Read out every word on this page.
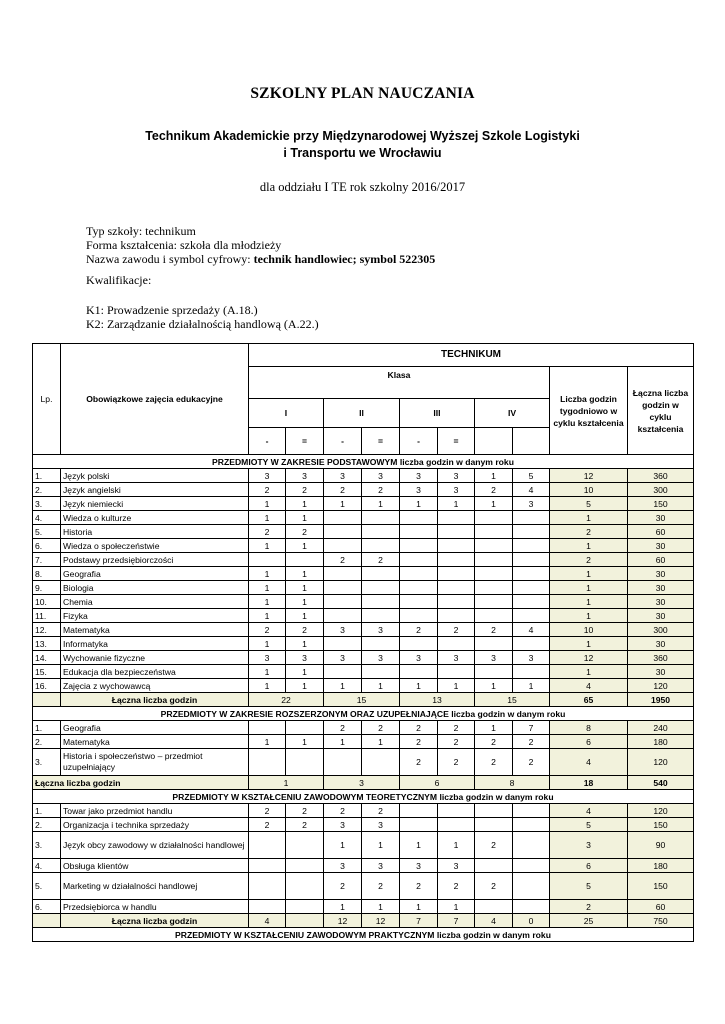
SZKOLNY PLAN NAUCZANIA
Technikum Akademickie przy Międzynarodowej Wyższej Szkole Logistyki
i Transportu we Wrocławiu
dla oddziału I TE rok szkolny 2016/2017
Typ szkoły: technikum
Forma kształcenia: szkoła dla młodzieży
Nazwa zawodu i symbol cyfrowy: technik handlowiec; symbol 522305
Kwalifikacje:
K1: Prowadzenie sprzedaży (A.18.)
K2: Zarządzanie działalnością handlową (A.22.)
Lp.	Obowiązkowe zajęcia edukacyjne	TECHNIKUM									
		Klasa								Liczba godzin tygodniowo w cyklu kształcenia	Łączna liczba godzin w cyklu kształcenia
		I		II		III		IV			
		-	=	-	=	-	=				
PRZEDMIOTY W ZAKRESIE PODSTAWOWYM liczba godzin w danym roku											
1.	Język polski	3	3	3	3	3	3	1	5	12	360
2.	Język angielski	2	2	2	2	3	3	2	4	10	300
3.	Język niemiecki	1	1	1	1	1	1	1	3	5	150
4.	Wiedza o kulturze	1	1							1	30
5.	Historia	2	2							2	60
6.	Wiedza o społeczeństwie	1	1							1	30
7.	Podstawy przedsiębiorczości			2	2					2	60
8.	Geografia	1	1							1	30
9.	Biologia	1	1							1	30
10.	Chemia	1	1							1	30
11.	Fizyka	1	1							1	30
12.	Matematyka	2	2	3	3	2	2	2	4	10	300
13.	Informatyka	1	1							1	30
14.	Wychowanie fizyczne	3	3	3	3	3	3	3	3	12	360
15.	Edukacja dla bezpieczeństwa	1	1							1	30
16.	Zajęcia z wychowawcą	1	1	1	1	1	1	1	1	4	120
	Łączna liczba godzin	22		15		13		15		65	1950
PRZEDMIOTY W ZAKRESIE ROZSZERZONYM ORAZ UZUPEŁNIAJĄCE liczba godzin w danym roku											
1.	Geografia			2	2	2	2	1	7	8	240
2.	Matematyka	1	1	1	1	2	2	2	2	6	180
3.	Historia i społeczeństwo – przedmiot uzupełniający					2	2	2	2	4	120
Łączna liczba godzin		1		3		6		8		18	540
PRZEDMIOTY W KSZTAŁCENIU ZAWODOWYM TEORETYCZNYM liczba godzin w danym roku											
1.	Towar jako przedmiot handlu	2	2	2	2					4	120
2.	Organizacja i technika sprzedaży	2	2	3	3					5	150
3.	Język obcy zawodowy w działalności handlowej			1	1	1	1	2		3	90
4.	Obsługa klientów			3	3	3	3			6	180
5.	Marketing w działalności handlowej			2	2	2	2	2		5	150
6.	Przedsiębiorca w handlu			1	1	1	1			2	60
	Łączna liczba godzin	4		12	12	7	7	4	0	25	750
PRZEDMIOTY W KSZTAŁCENIU ZAWODOWYM PRAKTYCZNYM liczba godzin w danym roku											
